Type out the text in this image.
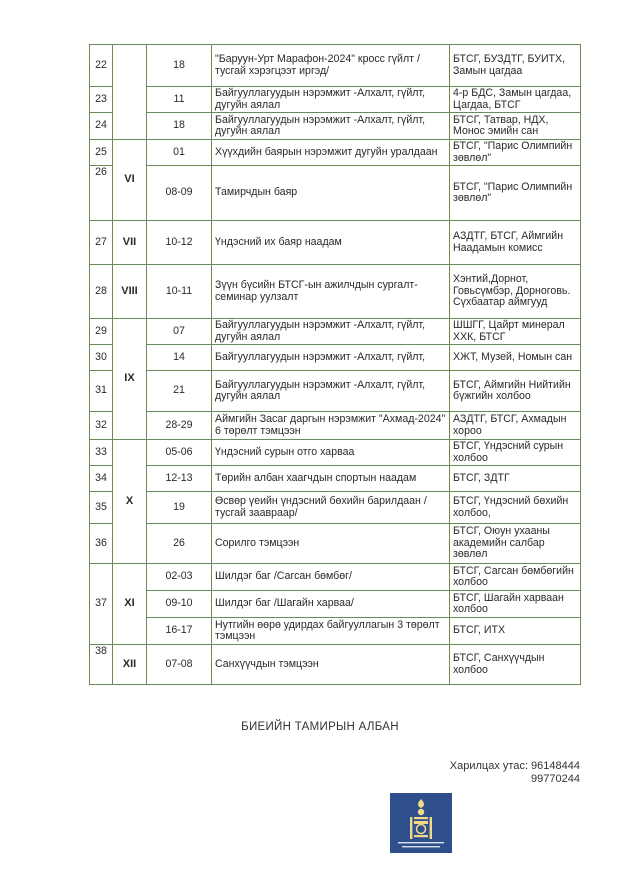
22		18	"Баруун-Урт Марафон-2024" кросс гүйлт /тусгай хэрэгцээт иргэд/	БТСГ, БУЗДТГ, БУИТХ, Замын цагдаа
23		11	Байгууллагуудын нэрэмжит -Алхалт, гүйлт, дугуйн аялал	4-р БДС, Замын цагдаа, Цагдаа, БТСГ
24		18	Байгууллагуудын нэрэмжит -Алхалт, гүйлт, дугуйн аялал	БТСГ, Татвар, НДХ, Монос эмийн сан
25	VI	01	Хүүхдийн баярын нэрэмжит дугуйн уралдаан	БТСГ, "Парис Олимпийн зөвлөл"
26		08-09	Тамирчдын баяр	БТСГ, "Парис Олимпийн зөвлөл"
27	VII	10-12	Үндэсний их баяр наадам	АЗДТГ, БТСГ, Аймгийн Наадамын комисс
28	VIII	10-11	Зүүн бүсийн БТСГ-ын ажилчдын сургалт-семинар уулзалт	Хэнтий,Дорнот, Говьсүмбэр, Дорноговь. Сүхбаатар аймгууд
29	IX	07	Байгууллагуудын нэрэмжит -Алхалт, гүйлт, дугуйн аялал	ШШГГ, Цайрт минерал ХХК, БТСГ
30		14	Байгууллагуудын нэрэмжит -Алхалт, гүйлт,	ХЖТ, Музей, Номын сан
31		21	Байгууллагуудын нэрэмжит -Алхалт, гүйлт, дугуйн аялал	БТСГ, Аймгийн Нийтийн бүжгийн холбоо
32		28-29	Аймгийн Засаг даргын нэрэмжит "Ахмад-2024" 6 төрөлт тэмцээн	АЗДТГ, БТСГ, Ахмадын хороо
33	X	05-06	Үндэсний сурын отго харваа	БТСГ, Үндэсний сурын холбоо
34		12-13	Төрийн албан хаагчдын спортын наадам	БТСГ, ЗДТГ
35		19	Өсвөр үеийн үндэсний бөхийн барилдаан /тусгай зааврааp/	БТСГ, Үндэсний бөхийн холбоо,
36		26	Сорилго тэмцээн	БТСГ, Оюун ухааны академийн салбар зөвлөл
37	XI	02-03	Шилдэг баг /Сагсан бөмбөг/	БТСГ, Сагсан бөмбөгийн холбоо
		09-10	Шилдэг баг /Шагайн харваа/	БТСГ, Шагайн харваан холбоо
		16-17	Нутгийн өөрө удирдах байгууллагын 3 төрөлт тэмцээн	БТСГ, ИТХ
38	XII	07-08	Санхүүчдын тэмцээн	БТСГ, Санхүүчдын холбоо
БИЕИЙН ТАМИРЫН АЛБАН
Харилцах утас: 96148444
99770244
